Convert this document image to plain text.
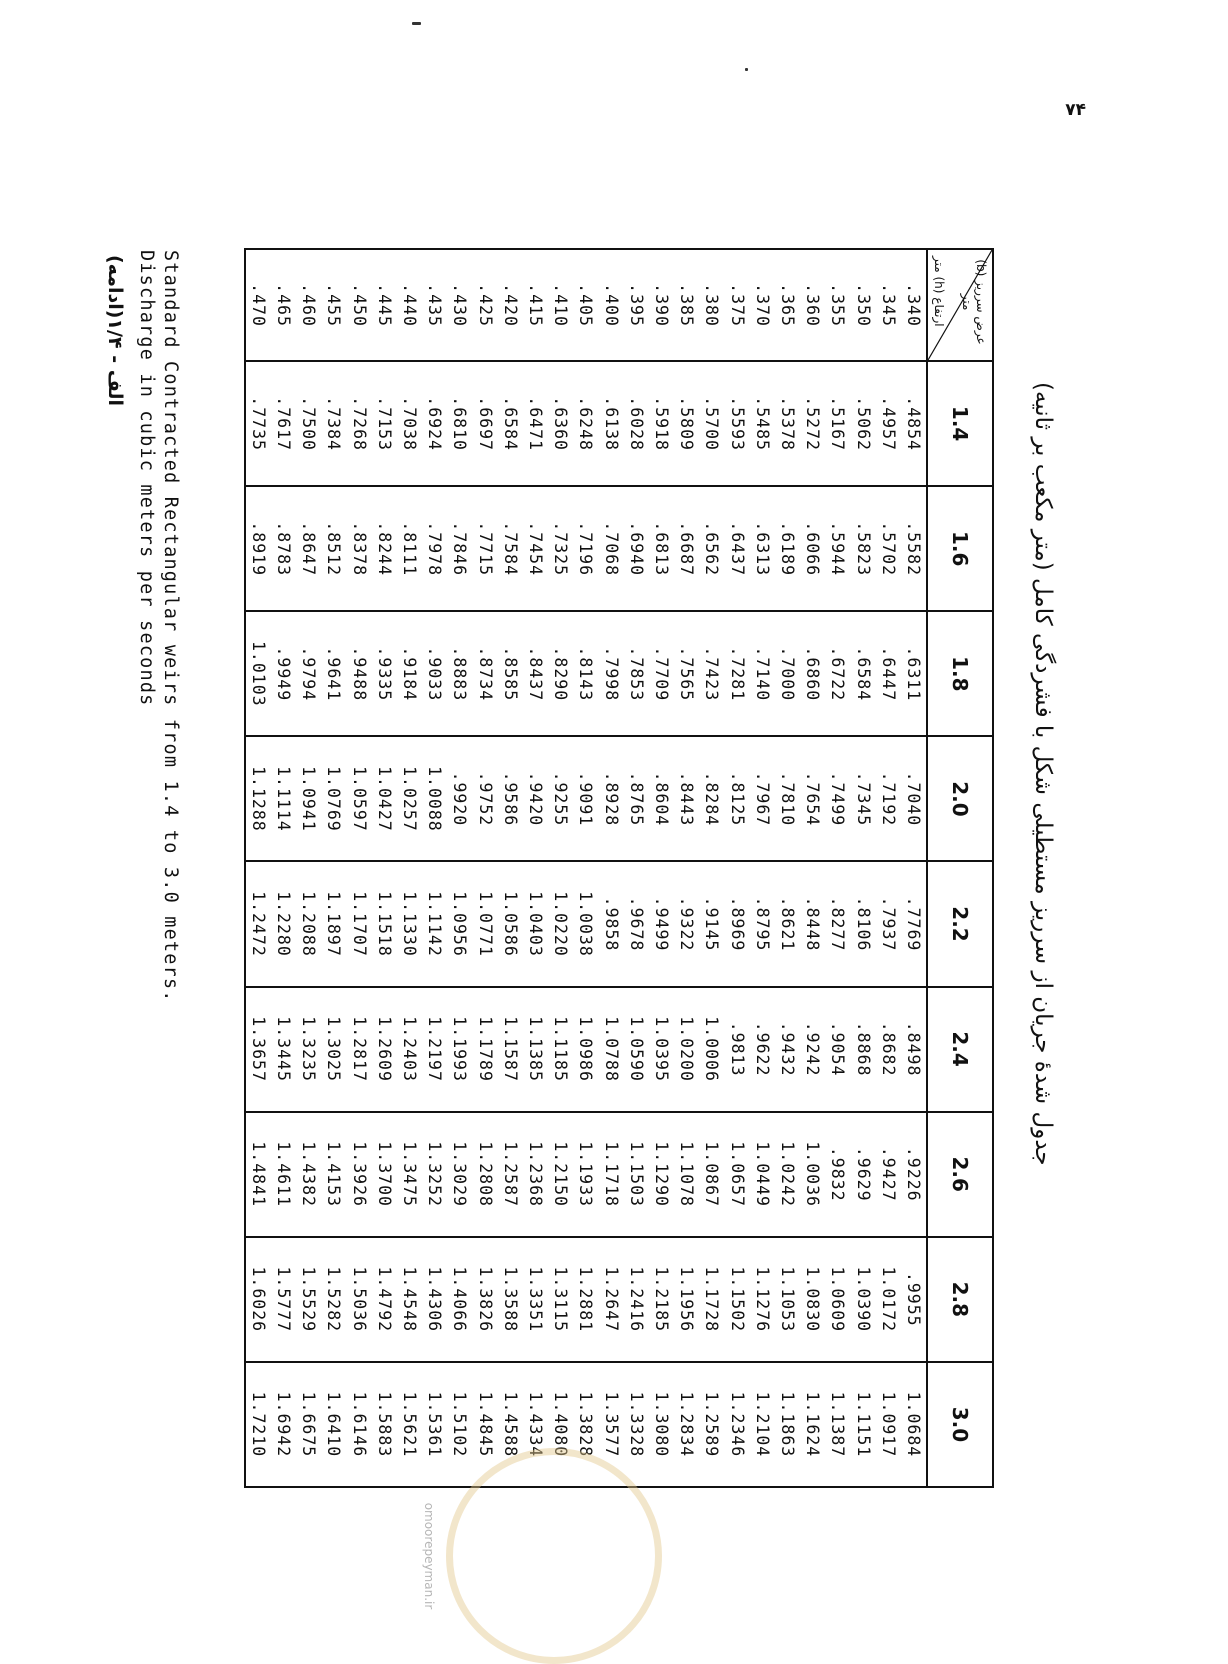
۷۴
جدول شدهٔ جریان از سرریز مستطیلی شکل با فشردگی کامل (متر مکعب بر ثانیه)
عرض سرریز (b) متر
ارتفاع (h) متر	1.4	1.6	1.8	2.0	2.2	2.4	2.6	2.8	3.0
.340	.4854	.5582	.6311	.7040	.7769	.8498	.9226	.9955	1.0684
.345	.4957	.5702	.6447	.7192	.7937	.8682	.9427	1.0172	1.0917
.350	.5062	.5823	.6584	.7345	.8106	.8868	.9629	1.0390	1.1151
.355	.5167	.5944	.6722	.7499	.8277	.9054	.9832	1.0609	1.1387
.360	.5272	.6066	.6860	.7654	.8448	.9242	1.0036	1.0830	1.1624
.365	.5378	.6189	.7000	.7810	.8621	.9432	1.0242	1.1053	1.1863
.370	.5485	.6313	.7140	.7967	.8795	.9622	1.0449	1.1276	1.2104
.375	.5593	.6437	.7281	.8125	.8969	.9813	1.0657	1.1502	1.2346
.380	.5700	.6562	.7423	.8284	.9145	1.0006	1.0867	1.1728	1.2589
.385	.5809	.6687	.7565	.8443	.9322	1.0200	1.1078	1.1956	1.2834
.390	.5918	.6813	.7709	.8604	.9499	1.0395	1.1290	1.2185	1.3080
.395	.6028	.6940	.7853	.8765	.9678	1.0590	1.1503	1.2416	1.3328
.400	.6138	.7068	.7998	.8928	.9858	1.0788	1.1718	1.2647	1.3577
.405	.6248	.7196	.8143	.9091	1.0038	1.0986	1.1933	1.2881	1.3828
.410	.6360	.7325	.8290	.9255	1.0220	1.1185	1.2150	1.3115	1.4080
.415	.6471	.7454	.8437	.9420	1.0403	1.1385	1.2368	1.3351	1.4334
.420	.6584	.7584	.8585	.9586	1.0586	1.1587	1.2587	1.3588	1.4588
.425	.6697	.7715	.8734	.9752	1.0771	1.1789	1.2808	1.3826	1.4845
.430	.6810	.7846	.8883	.9920	1.0956	1.1993	1.3029	1.4066	1.5102
.435	.6924	.7978	.9033	1.0088	1.1142	1.2197	1.3252	1.4306	1.5361
.440	.7038	.8111	.9184	1.0257	1.1330	1.2403	1.3475	1.4548	1.5621
.445	.7153	.8244	.9335	1.0427	1.1518	1.2609	1.3700	1.4792	1.5883
.450	.7268	.8378	.9488	1.0597	1.1707	1.2817	1.3926	1.5036	1.6146
.455	.7384	.8512	.9641	1.0769	1.1897	1.3025	1.4153	1.5282	1.6410
.460	.7500	.8647	.9794	1.0941	1.2088	1.3235	1.4382	1.5529	1.6675
.465	.7617	.8783	.9949	1.1114	1.2280	1.3445	1.4611	1.5777	1.6942
.470	.7735	.8919	1.0103	1.1288	1.2472	1.3657	1.4841	1.6026	1.7210
Standard Contracted Rectangular weirs from 1.4 to 3.0 meters.
Discharge in cubic meters per seconds
الف - ۱/۴(ادامه)
omoorepeyman.ir
